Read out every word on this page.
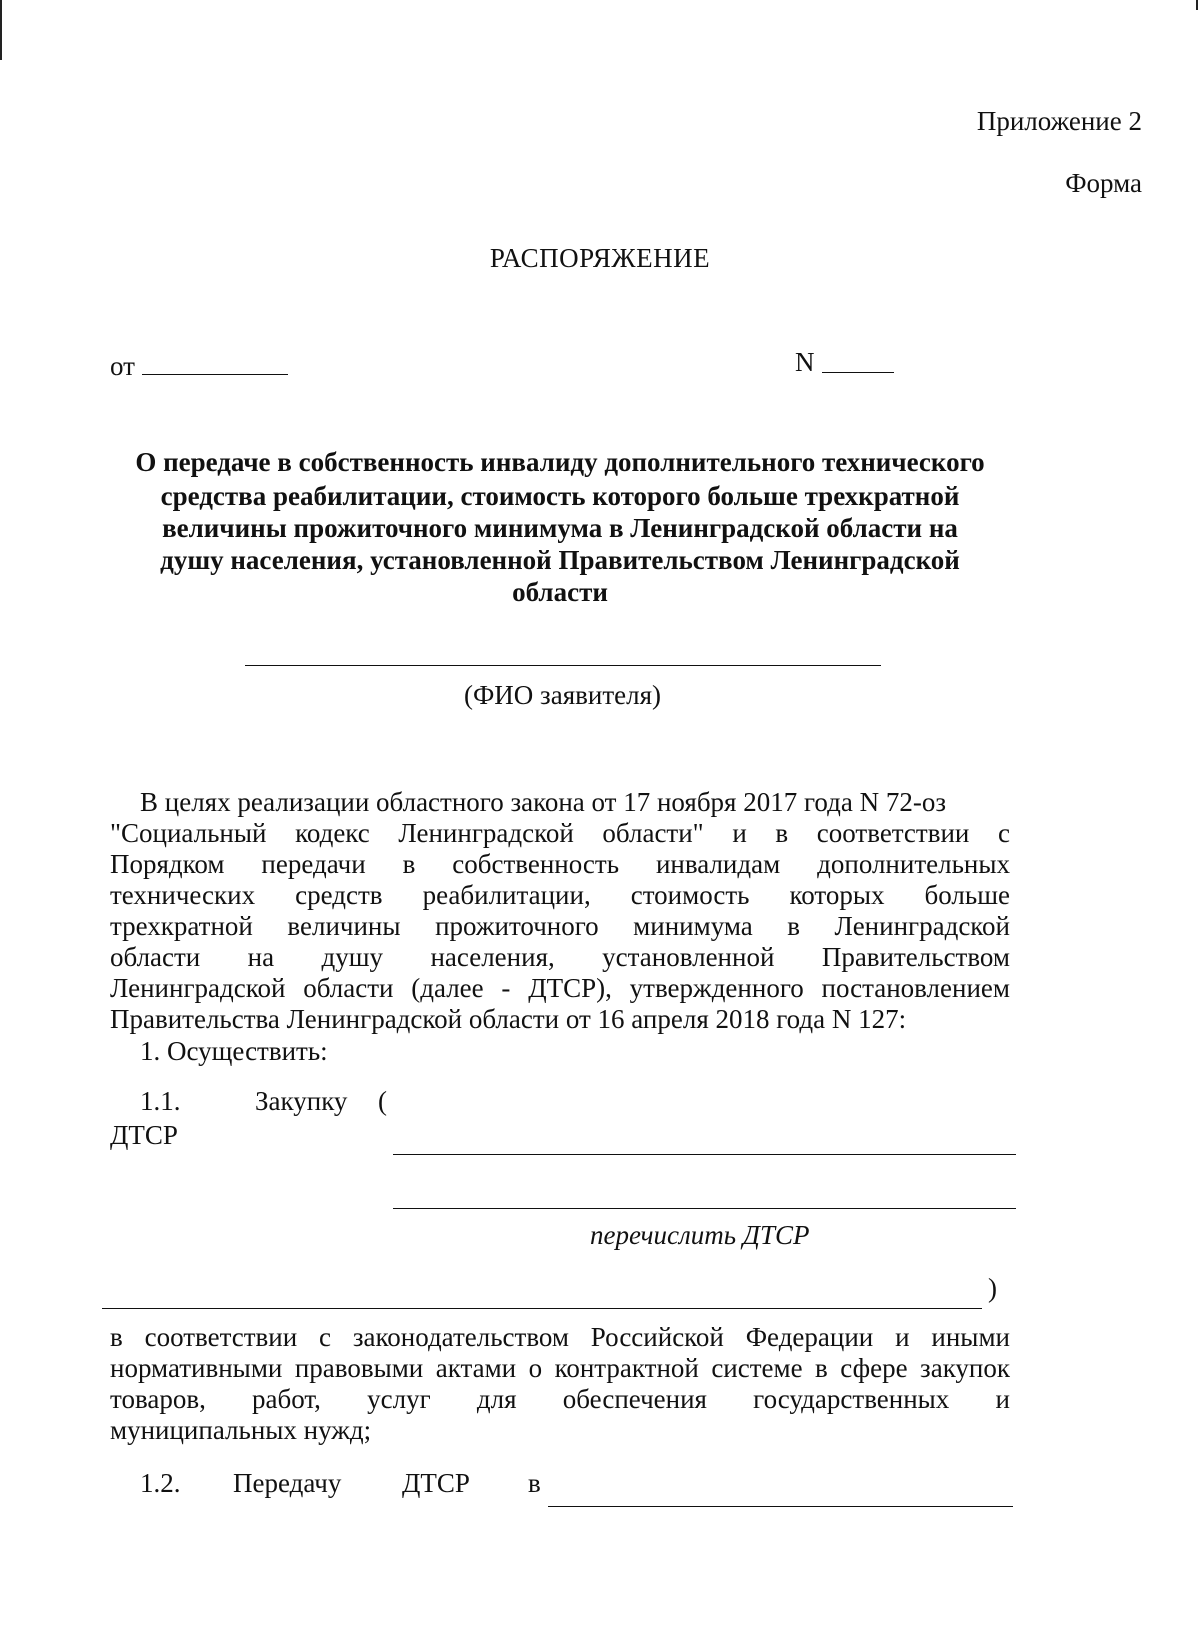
Приложение 2
Форма
РАСПОРЯЖЕНИЕ
от	N
О передаче в собственность инвалиду дополнительного технического
средства реабилитации, стоимость которого больше трехкратной
величины прожиточного минимума в Ленинградской области на
душу населения, установленной Правительством Ленинградской
области
(ФИО заявителя)
В целях реализации областного закона от 17 ноября 2017 года N 72-оз
"Социальный кодекс Ленинградской области" и в соответствии с
Порядком передачи в собственность инвалидам дополнительных
технических средств реабилитации, стоимость которых больше
трехкратной величины прожиточного минимума в Ленинградской
области на душу населения, установленной Правительством
Ленинградской области (далее - ДТСР), утвержденного постановлением
Правительства Ленинградской области от 16 апреля 2018 года N 127:
1. Осуществить:
1.1.	Закупку (
ДТСР
перечислить ДТСР
)
в соответствии с законодательством Российской Федерации и иными
нормативными правовыми актами о контрактной системе в сфере закупок
товаров, работ, услуг для обеспечения государственных и
муниципальных нужд;
1.2. Передачу ДТСР в
